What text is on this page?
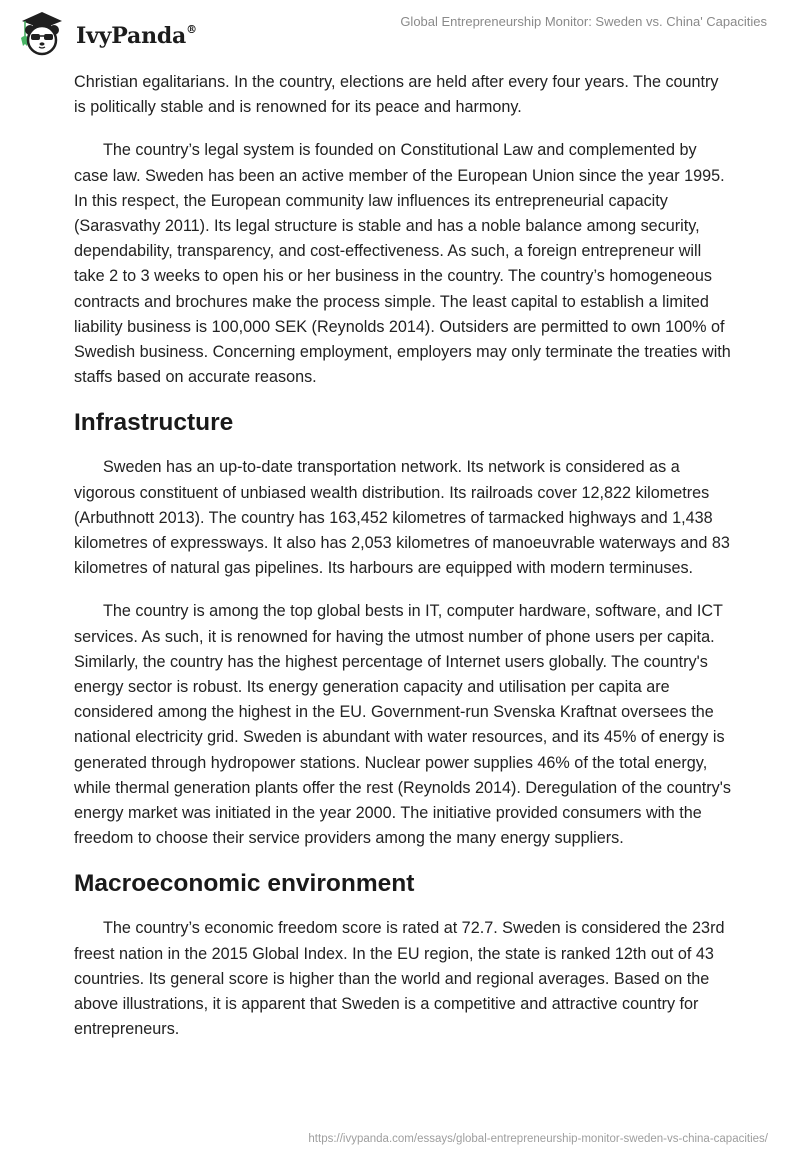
IvyPanda®
Global Entrepreneurship Monitor: Sweden vs. China' Capacities

Christian egalitarians. In the country, elections are held after every four years. The country is politically stable and is renowned for its peace and harmony.

The country’s legal system is founded on Constitutional Law and complemented by case law. Sweden has been an active member of the European Union since the year 1995. In this respect, the European community law influences its entrepreneurial capacity (Sarasvathy 2011). Its legal structure is stable and has a noble balance among security, dependability, transparency, and cost-effectiveness. As such, a foreign entrepreneur will take 2 to 3 weeks to open his or her business in the country. The country’s homogeneous contracts and brochures make the process simple. The least capital to establish a limited liability business is 100,000 SEK (Reynolds 2014). Outsiders are permitted to own 100% of Swedish business. Concerning employment, employers may only terminate the treaties with staffs based on accurate reasons.

Infrastructure

Sweden has an up-to-date transportation network. Its network is considered as a vigorous constituent of unbiased wealth distribution. Its railroads cover 12,822 kilometres (Arbuthnott 2013). The country has 163,452 kilometres of tarmacked highways and 1,438 kilometres of expressways. It also has 2,053 kilometres of manoeuvrable waterways and 83 kilometres of natural gas pipelines. Its harbours are equipped with modern terminuses.

The country is among the top global bests in IT, computer hardware, software, and ICT services. As such, it is renowned for having the utmost number of phone users per capita. Similarly, the country has the highest percentage of Internet users globally. The country's energy sector is robust. Its energy generation capacity and utilisation per capita are considered among the highest in the EU. Government-run Svenska Kraftnat oversees the national electricity grid. Sweden is abundant with water resources, and its 45% of energy is generated through hydropower stations. Nuclear power supplies 46% of the total energy, while thermal generation plants offer the rest (Reynolds 2014). Deregulation of the country's energy market was initiated in the year 2000. The initiative provided consumers with the freedom to choose their service providers among the many energy suppliers.

Macroeconomic environment

The country’s economic freedom score is rated at 72.7. Sweden is considered the 23rd freest nation in the 2015 Global Index. In the EU region, the state is ranked 12th out of 43 countries. Its general score is higher than the world and regional averages. Based on the above illustrations, it is apparent that Sweden is a competitive and attractive country for entrepreneurs.

https://ivypanda.com/essays/global-entrepreneurship-monitor-sweden-vs-china-capacities/
